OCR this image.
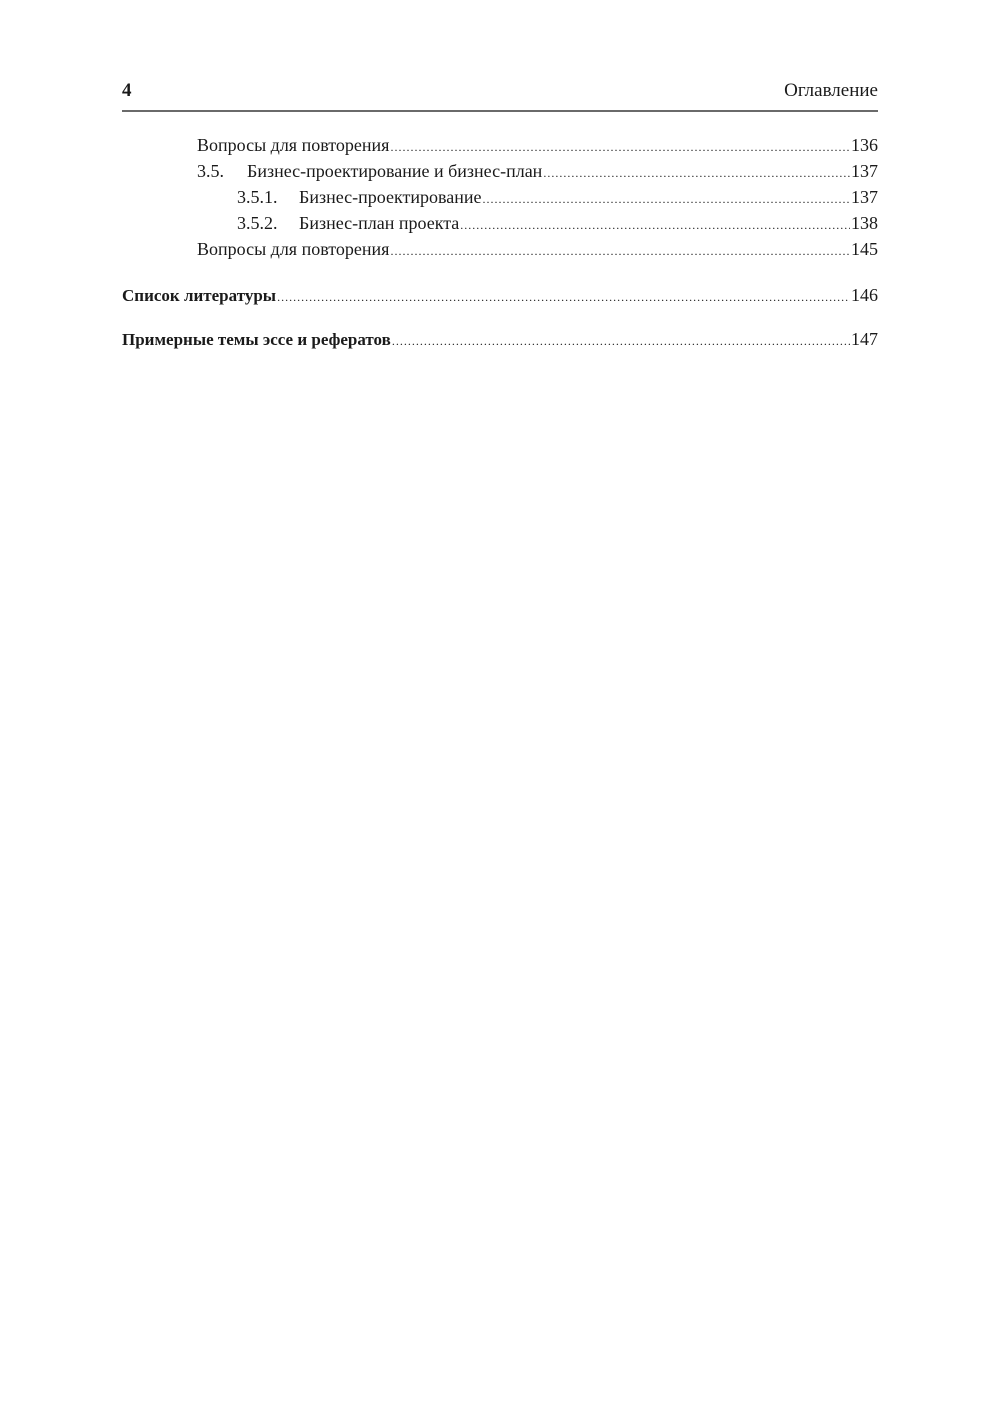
4	Оглавление
Вопросы для повторения .....	136
3.5.	Бизнес-проектирование и бизнес-план .....	137
3.5.1.	Бизнес-проектирование .....	137
3.5.2.	Бизнес-план проекта .....	138
Вопросы для повторения .....	145
Список литературы .....	146
Примерные темы эссе и рефератов .....	147
